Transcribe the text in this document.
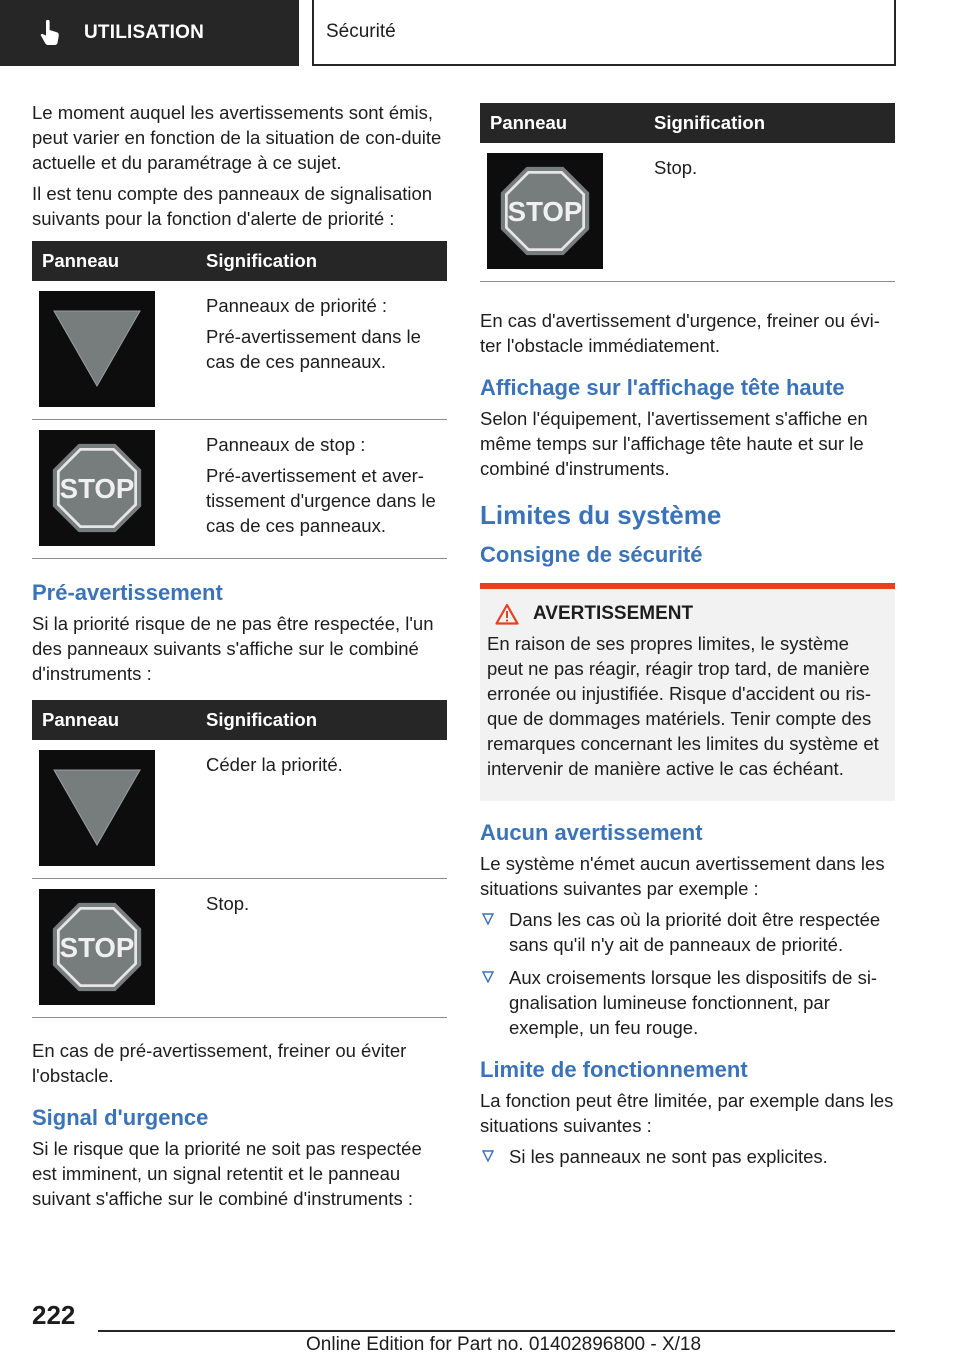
UTILISATION	Sécurité

Le moment auquel les avertissements sont émis, peut varier en fonction de la situation de con-duite actuelle et du paramétrage à ce sujet.

Il est tenu compte des panneaux de signalisation suivants pour la fonction d'alerte de priorité :

Panneau	Signification

Panneaux de priorité :

Pré-avertissement dans le cas de ces panneaux.

STOP	Panneaux de stop :

Pré-avertissement et aver-tissement d'urgence dans le cas de ces panneaux.

Pré-avertissement

Si la priorité risque de ne pas être respectée, l'un des panneaux suivants s'affiche sur le combiné d'instruments :

Panneau	Signification

Céder la priorité.

STOP	Stop.

En cas de pré-avertissement, freiner ou éviter l'obstacle.

Signal d'urgence

Si le risque que la priorité ne soit pas respectée est imminent, un signal retentit et le panneau suivant s'affiche sur le combiné d'instruments :

Panneau	Signification

STOP	Stop.

En cas d'avertissement d'urgence, freiner ou évi-ter l'obstacle immédiatement.

Affichage sur l'affichage tête haute

Selon l'équipement, l'avertissement s'affiche en même temps sur l'affichage tête haute et sur le combiné d'instruments.

Limites du système
Consigne de sécurité
AVERTISSEMENT

En raison de ses propres limites, le système peut ne pas réagir, réagir trop tard, de manière erronée ou injustifiée. Risque d'accident ou ris-que de dommages matériels. Tenir compte des remarques concernant les limites du système et intervenir de manière active le cas échéant.

Aucun avertissement

Le système n'émet aucun avertissement dans les situations suivantes par exemple :

Dans les cas où la priorité doit être respectée sans qu'il n'y ait de panneaux de priorité.
Aux croisements lorsque les dispositifs de si-gnalisation lumineuse fonctionnent, par exemple, un feu rouge.
Limite de fonctionnement

La fonction peut être limitée, par exemple dans les situations suivantes :

Si les panneaux ne sont pas explicites.
222
Online Edition for Part no. 01402896800 - X/18
